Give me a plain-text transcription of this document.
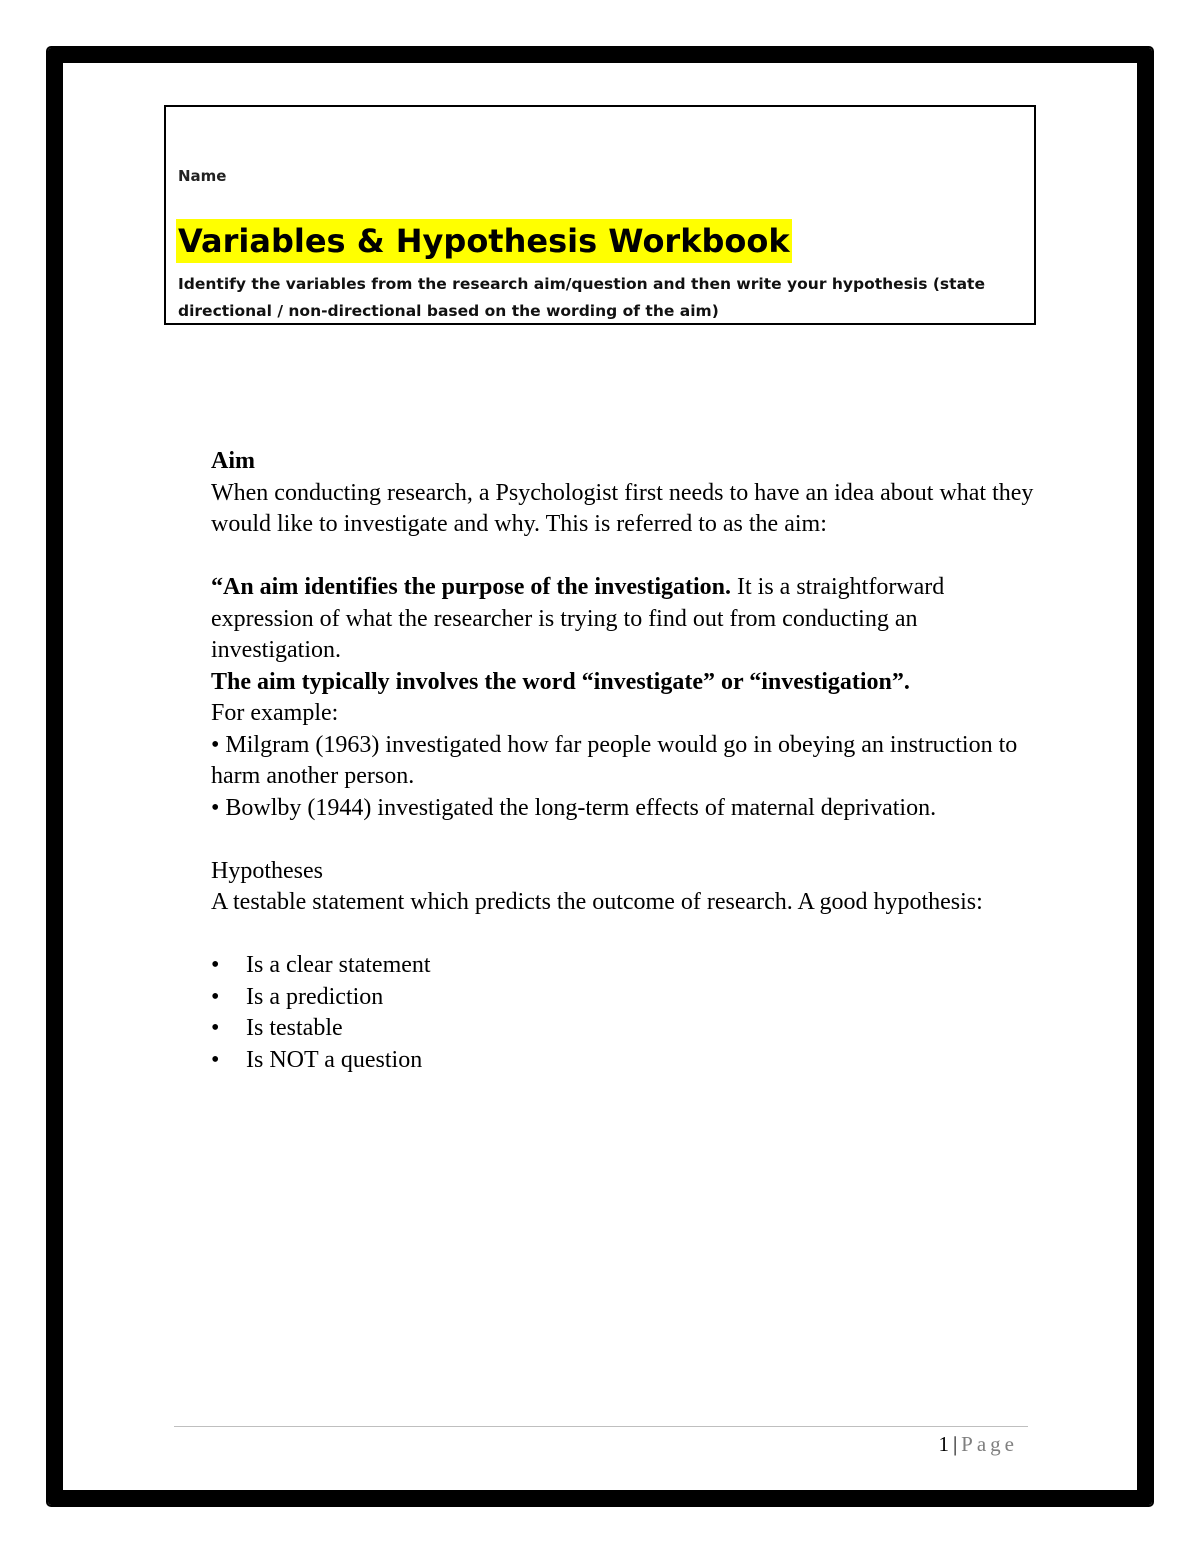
Name
Variables & Hypothesis Workbook
Identify the variables from the research aim/question and then write your hypothesis (state directional / non-directional based on the wording of the aim)

Aim

When conducting research, a Psychologist first needs to have an idea about what they would like to investigate and why. This is referred to as the aim:

“An aim identifies the purpose of the investigation. It is a straightforward expression of what the researcher is trying to find out from conducting an investigation.

The aim typically involves the word “investigate” or “investigation”.

For example:

• Milgram (1963) investigated how far people would go in obeying an instruction to harm another person.

• Bowlby (1944) investigated the long-term effects of maternal deprivation.

Hypotheses

A testable statement which predicts the outcome of research. A good hypothesis:

•	Is a clear statement
•	Is a prediction
•	Is testable
•	Is NOT a question
1 | Page
